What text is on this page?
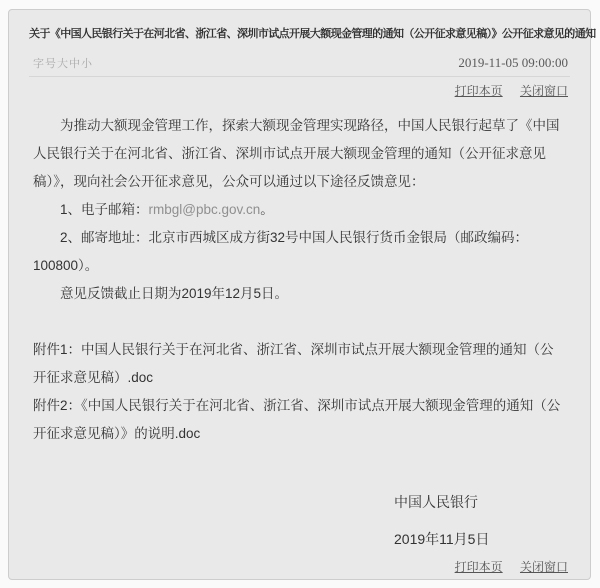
关于《中国人民银行关于在河北省、浙江省、深圳市试点开展大额现金管理的通知（公开征求意见稿）》公开征求意见的通知
字号大中小	2019-11-05 09:00:00
打印本页 关闭窗口

为推动大额现金管理工作，探索大额现金管理实现路径，中国人民银行起草了《中国人民银行关于在河北省、浙江省、深圳市试点开展大额现金管理的通知（公开征求意见稿）》，现向社会公开征求意见，公众可以通过以下途径反馈意见：

1、电子邮箱：rmbgl@pbc.gov.cn。

2、邮寄地址：北京市西城区成方街32号中国人民银行货币金银局（邮政编码：100800）。

意见反馈截止日期为2019年12月5日。

附件1：中国人民银行关于在河北省、浙江省、深圳市试点开展大额现金管理的通知（公开征求意见稿）.doc

附件2：《中国人民银行关于在河北省、浙江省、深圳市试点开展大额现金管理的通知（公开征求意见稿）》的说明.doc

中国人民银行
2019年11月5日
打印本页 关闭窗口
